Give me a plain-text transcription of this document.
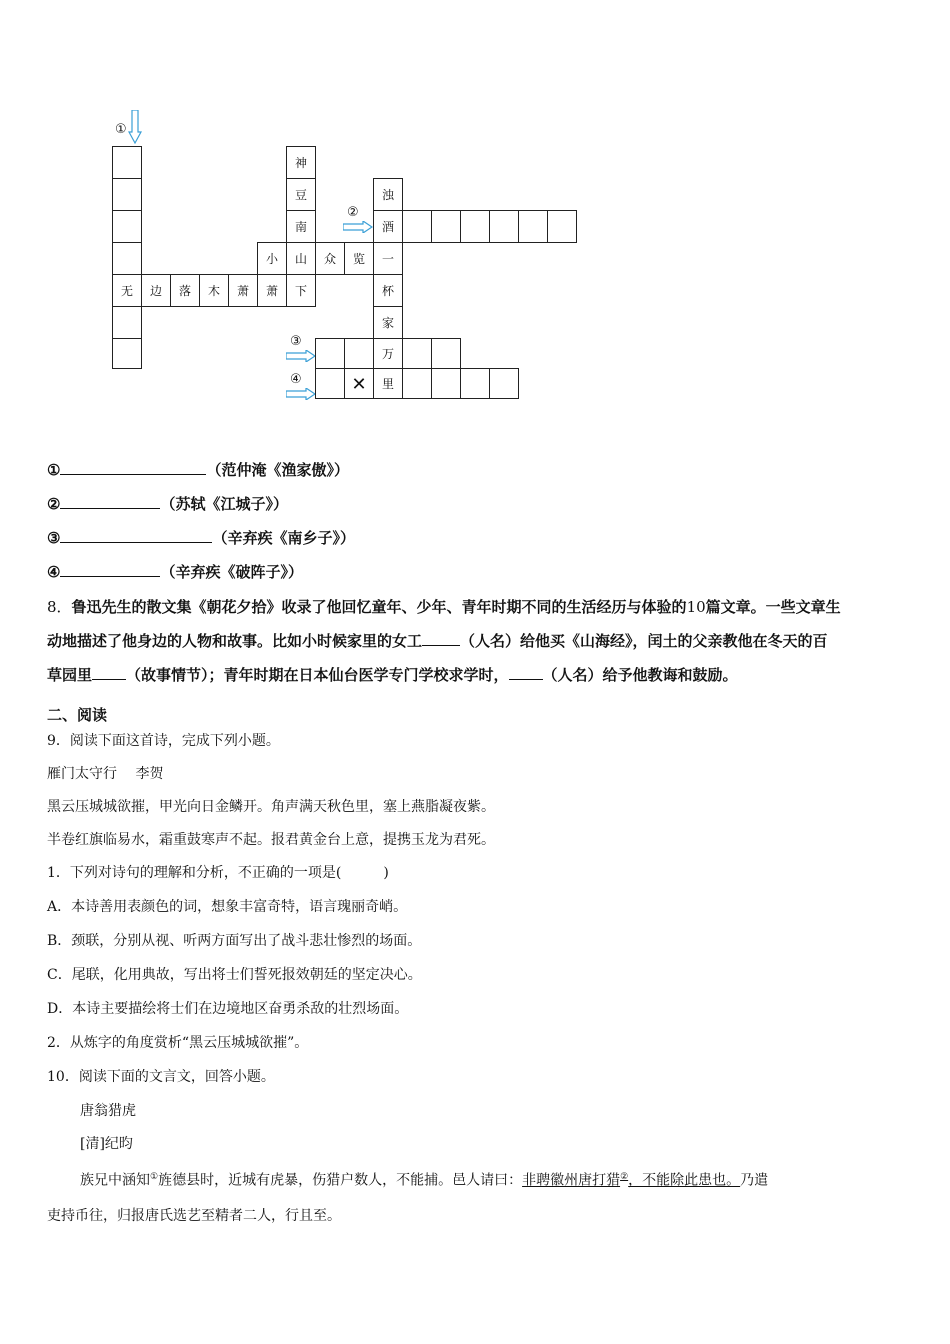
①
无	边	落	木	萧	萧	下
神
豆
南
小	山	众	览
浊
酒
一
杯
家
万
里
②
③
④	✕
①	（范仲淹《渔家傲》）
②	（苏轼《江城子》）
③	（辛弃疾《南乡子》）
④	（辛弃疾《破阵子》）
8．鲁迅先生的散文集《朝花夕拾》收录了他回忆童年、少年、青年时期不同的生活经历与体验的10篇文章。一些文章生
动地描述了他身边的人物和故事。比如小时候家里的女工	（人名）给他买《山海经》，闰土的父亲教他在冬天的百
草园里 （故事情节）；青年时期在日本仙台医学专门学校求学时， （人名）给予他教诲和鼓励。
二、阅读
9．阅读下面这首诗，完成下列小题。
雁门太守行　 李贺
黑云压城城欲摧，甲光向日金鳞开。角声满天秋色里，塞上燕脂凝夜紫。
半卷红旗临易水，霜重鼓寒声不起。报君黄金台上意，提携玉龙为君死。
1．下列对诗句的理解和分析，不正确的一项是(　　　)
A．本诗善用表颜色的词，想象丰富奇特，语言瑰丽奇峭。
B．颈联，分别从视、听两方面写出了战斗悲壮惨烈的场面。
C．尾联，化用典故，写出将士们誓死报效朝廷的坚定决心。
D．本诗主要描绘将士们在边境地区奋勇杀敌的壮烈场面。
2．从炼字的角度赏析“黑云压城城欲摧”。
10．阅读下面的文言文，回答小题。
唐翁猎虎
[清]纪昀
族兄中涵知①旌德县时，近城有虎暴，伤猎户数人，不能捕。邑人请曰：非聘徽州唐打猎②，不能除此患也。乃遣
吏持币往，归报唐氏选艺至精者二人，行且至。
